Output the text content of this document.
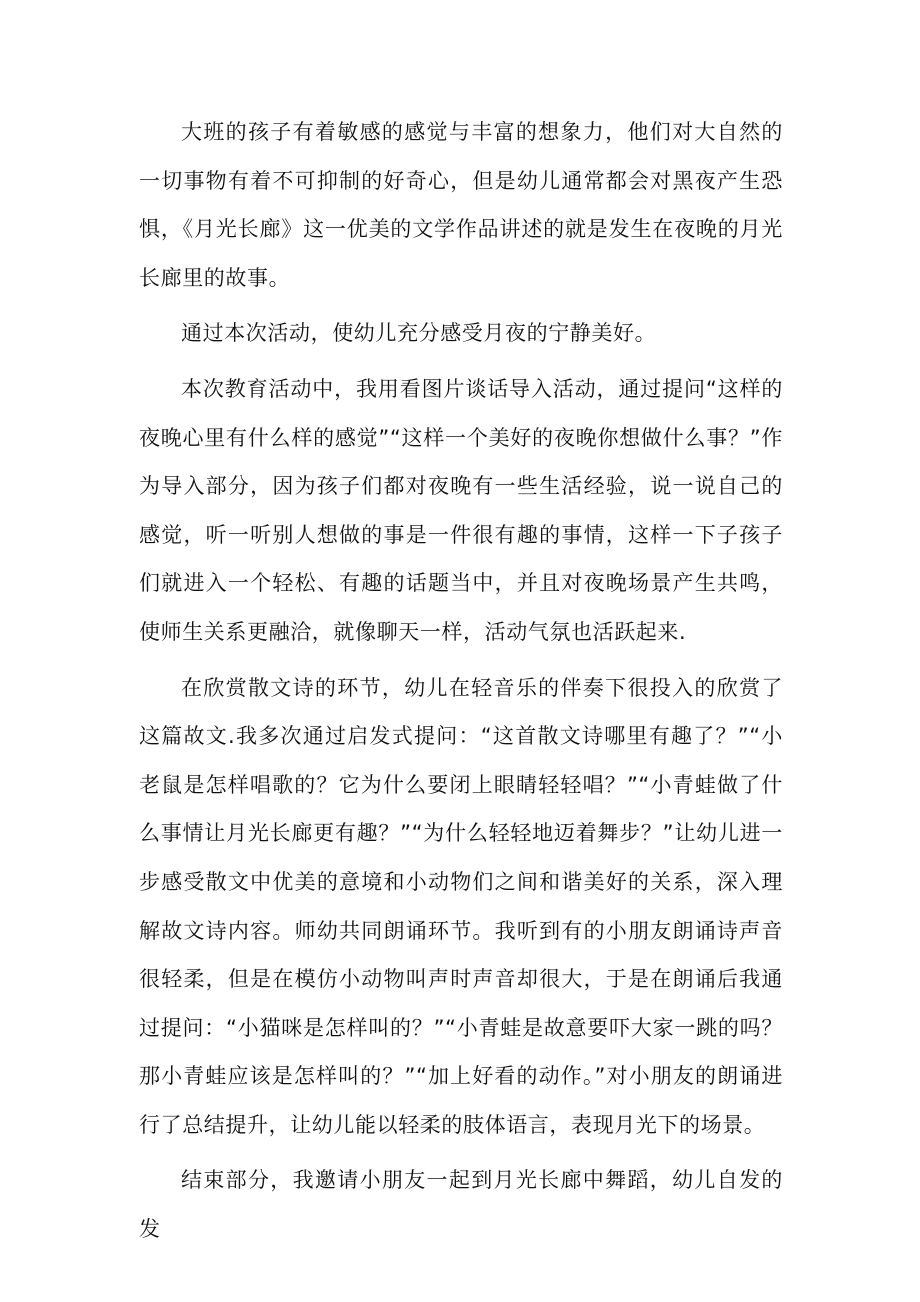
大班的孩子有着敏感的感觉与丰富的想象力，他们对大自然的一切事物有着不可抑制的好奇心，但是幼儿通常都会对黑夜产生恐惧，《月光长廊》这一优美的文学作品讲述的就是发生在夜晚的月光长廊里的故事。

通过本次活动，使幼儿充分感受月夜的宁静美好。

本次教育活动中，我用看图片谈话导入活动，通过提问“这样的夜晚心里有什么样的感觉”“这样一个美好的夜晚你想做什么事？”作为导入部分，因为孩子们都对夜晚有一些生活经验，说一说自己的感觉，听一听别人想做的事是一件很有趣的事情，这样一下子孩子们就进入一个轻松、有趣的话题当中，并且对夜晚场景产生共鸣，使师生关系更融洽，就像聊天一样，活动气氛也活跃起来.

在欣赏散文诗的环节，幼儿在轻音乐的伴奏下很投入的欣赏了这篇故文.我多次通过启发式提问：“这首散文诗哪里有趣了？”“小老鼠是怎样唱歌的？它为什么要闭上眼睛轻轻唱？”“小青蛙做了什么事情让月光长廊更有趣？”“为什么轻轻地迈着舞步？”让幼儿进一步感受散文中优美的意境和小动物们之间和谐美好的关系，深入理解故文诗内容。师幼共同朗诵环节。我听到有的小朋友朗诵诗声音很轻柔，但是在模仿小动物叫声时声音却很大，于是在朗诵后我通过提问：“小猫咪是怎样叫的？”“小青蛙是故意要吓大家一跳的吗？那小青蛙应该是怎样叫的？”“加上好看的动作。”对小朋友的朗诵进行了总结提升，让幼儿能以轻柔的肢体语言，表现月光下的场景。

结束部分，我邀请小朋友一起到月光长廊中舞蹈，幼儿自发的发
